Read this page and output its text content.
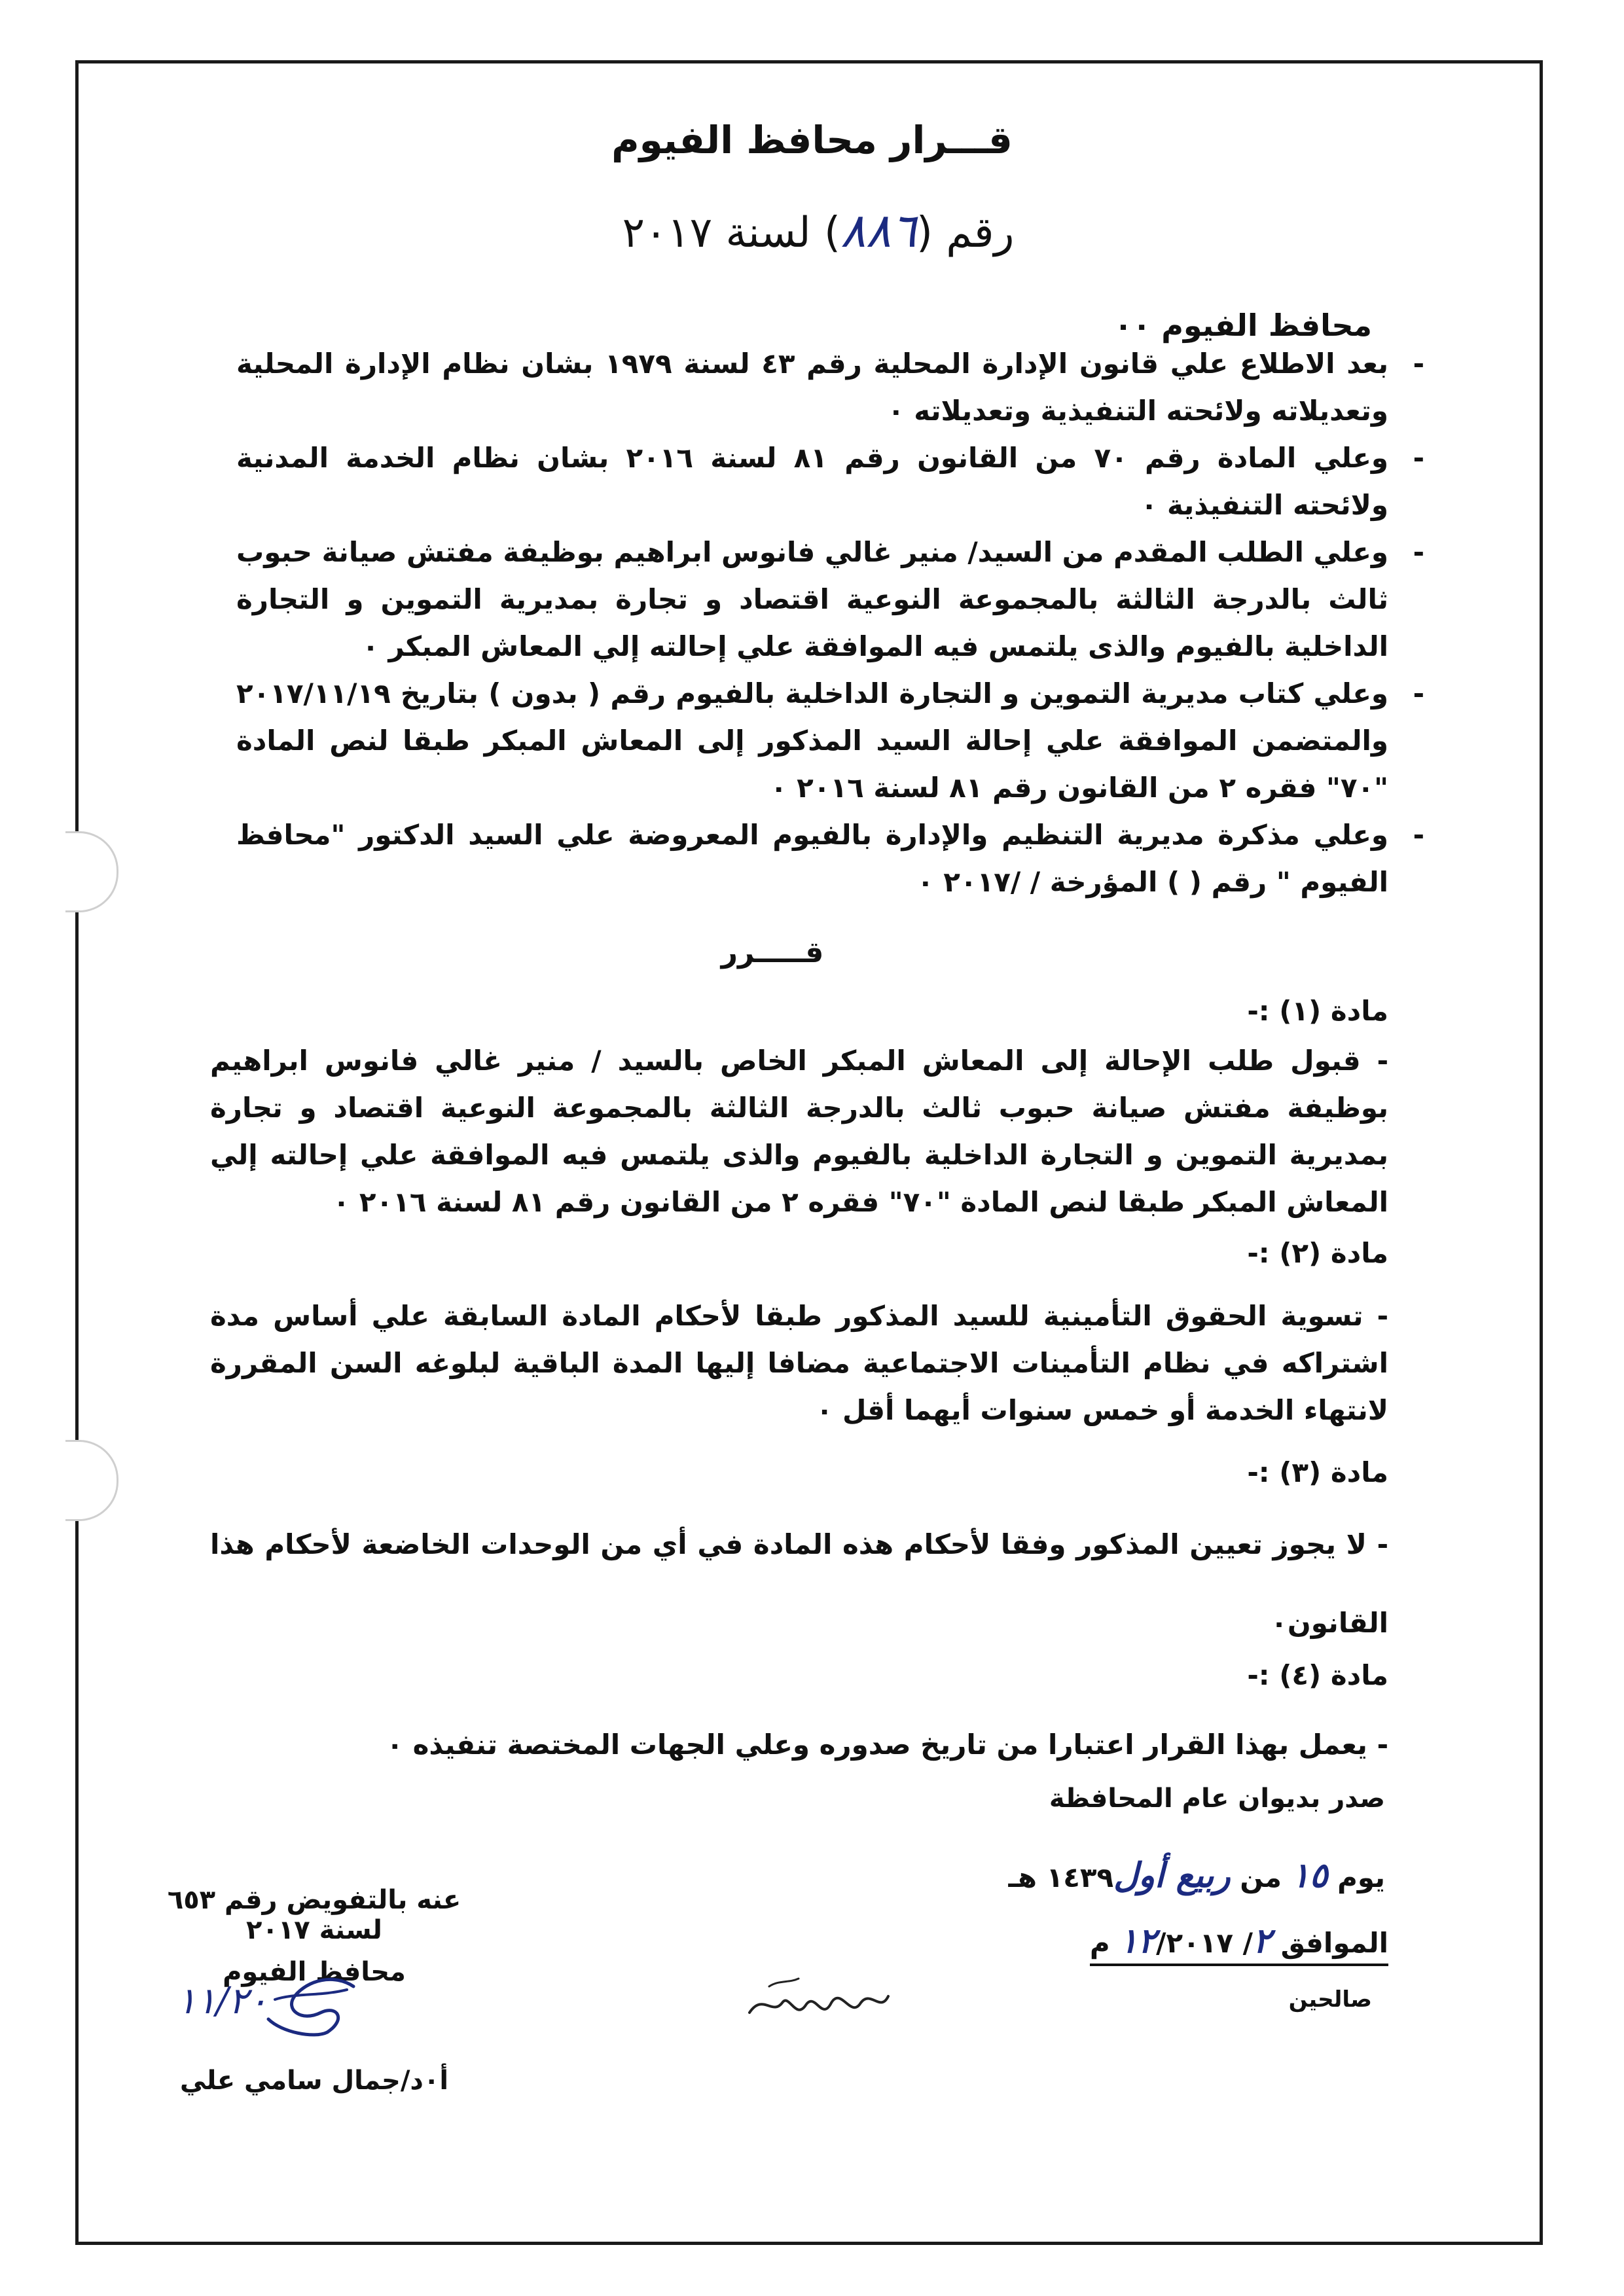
قـــرار محافظ الفيوم
رقم (٨٨٦) لسنة ٢٠١٧
محافظ الفيوم ٠٠
-
بعد الاطلاع علي قانون الإدارة المحلية رقم ٤٣ لسنة ١٩٧٩ بشان نظام الإدارة المحلية وتعديلاته ولائحته التنفيذية وتعديلاته ٠
-
وعلي المادة رقم ٧٠ من القانون رقم ٨١ لسنة ٢٠١٦ بشان نظام الخدمة المدنية ولائحته التنفيذية ٠
-
وعلي الطلب المقدم من السيد/ منير غالي فانوس ابراهيم بوظيفة مفتش صيانة حبوب ثالث بالدرجة الثالثة بالمجموعة النوعية اقتصاد و تجارة بمديرية التموين و التجارة الداخلية بالفيوم والذى يلتمس فيه الموافقة علي إحالته إلي المعاش المبكر ٠
-
وعلي كتاب مديرية التموين و التجارة الداخلية بالفيوم رقم ( بدون ) بتاريخ ٢٠١٧/١١/١٩ والمتضمن الموافقة علي إحالة السيد المذكور إلى المعاش المبكر طبقا لنص المادة "٧٠" فقره ٢ من القانون رقم ٨١ لسنة ٢٠١٦ ٠
-
وعلي مذكرة مديرية التنظيم والإدارة بالفيوم المعروضة علي السيد الدكتور "محافظ الفيوم " رقم ( ) المؤرخة / /٢٠١٧ ٠
قـــــرر
مادة (١) :-
- قبول طلب الإحالة إلى المعاش المبكر الخاص بالسيد / منير غالي فانوس ابراهيم بوظيفة مفتش صيانة حبوب ثالث بالدرجة الثالثة بالمجموعة النوعية اقتصاد و تجارة بمديرية التموين و التجارة الداخلية بالفيوم والذى يلتمس فيه الموافقة علي إحالته إلي المعاش المبكر طبقا لنص المادة "٧٠" فقره ٢ من القانون رقم ٨١ لسنة ٢٠١٦ ٠
مادة (٢) :-
- تسوية الحقوق التأمينية للسيد المذكور طبقا لأحكام المادة السابقة علي أساس مدة اشتراكه في نظام التأمينات الاجتماعية مضافا إليها المدة الباقية لبلوغه السن المقررة لانتهاء الخدمة أو خمس سنوات أيهما أقل ٠
مادة (٣) :-
- لا يجوز تعيين المذكور وفقا لأحكام هذه المادة في أي من الوحدات الخاضعة لأحكام هذا القانون٠
مادة (٤) :-
- يعمل بهذا القرار اعتبارا من تاريخ صدوره وعلي الجهات المختصة تنفيذه ٠
صدر بديوان عام المحافظة
يوم ١٥ من ربيع أول١٤٣٩ هـ
الموافق ٢/ ١٢/٢٠١٧ م
صالحين
عنه بالتفويض رقم ٦٥٣ لسنة ٢٠١٧
محافظ الفيوم
أ٠د/جمال سامي علي
١١/٢٠
